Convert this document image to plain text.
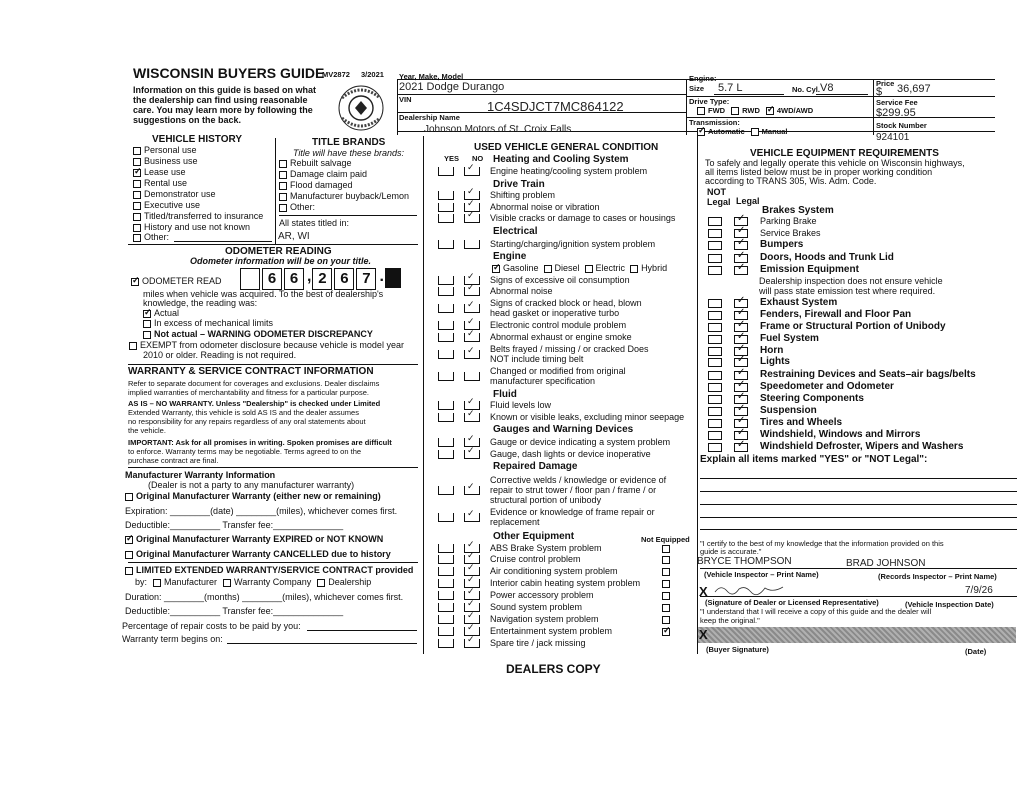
WISCONSIN BUYERS GUIDE
MV2872 3/2021
Information on this guide is based on what
the dealership can find using reasonable
care. You may learn more by following the
suggestions on the back.
Year, Make, Model
2021 Dodge Durango
VIN	1C4SDJCT7MC864122
Dealership Name
Johnson Motors of St. Croix Falls
Engine:
Size 5.7 L	No. Cyl. V8
Drive Type:
FWD RWD
✓ 4WD/AWD
Transmission:
✓
Automatic Manual
Price
$ 36,697
Service Fee
$299.95
Stock Number
924101
VEHICLE HISTORY
Personal use
Business use
✓
Lease use
Rental use
Demonstrator use
Executive use
Titled/transferred to insurance
History and use not known
Other:
TITLE BRANDS
Title will have these brands:
Rebuilt salvage
Damage claim paid
Flood damaged
Manufacturer buyback/Lemon
Other:
All states titled in:
AR, WI
ODOMETER READING
Odometer information will be on your title.
✓
ODOMETER READ	6 6 , 2 6 7 .
miles when vehicle was acquired. To the best of dealership's
knowledge, the reading was:
✓
Actual
In excess of mechanical limits
Not actual – WARNING ODOMETER DISCREPANCY
EXEMPT from odometer disclosure because vehicle is model year
2010 or older. Reading is not required.
WARRANTY & SERVICE CONTRACT INFORMATION
Refer to separate document for coverages and exclusions. Dealer disclaims
implied warranties of merchantability and fitness for a particular purpose.
AS IS – NO WARRANTY. Unless "Dealership" is checked under Limited
Extended Warranty, this vehicle is sold AS IS and the dealer assumes
no responsibility for any repairs regardless of any oral statements about
the vehicle.
IMPORTANT: Ask for all promises in writing. Spoken promises are difficult
to enforce. Warranty terms may be negotiable. Terms agreed to on the
purchase contract are final.
Manufacturer Warranty Information
(Dealer is not a party to any manufacturer warranty)
Original Manufacturer Warranty (either new or remaining)
Expiration: ________(date) ________(miles), whichever comes first.
Deductible:__________ Transfer fee:______________
✓
Original Manufacturer Warranty EXPIRED or NOT KNOWN
Original Manufacturer Warranty CANCELLED due to history
LIMITED EXTENDED WARRANTY/SERVICE CONTRACT provided
by: Manufacturer Warranty Company Dealership
Duration: ________(months) ________(miles), whichever comes first.
Deductible:__________ Transfer fee:______________
Percentage of repair costs to be paid by you:
Warranty term begins on:
USED VEHICLE GENERAL CONDITION
YES NO Heating and Cooling System
✓
Engine heating/cooling system problem
Drive Train
✓
Shifting problem
✓
Abnormal noise or vibration
✓
Visible cracks or damage to cases or housings
Electrical
Starting/charging/ignition system problem
Engine
✓
Signs of excessive oil consumption
✓
Abnormal noise
✓
Signs of cracked block or head, blown head gasket or inoperative turbo
✓
Electronic control module problem
✓
Abnormal exhaust or engine smoke
✓
Belts frayed / missing / or cracked Does NOT include timing belt
Changed or modified from original manufacturer specification
Fluid
✓
Fluid levels low
✓
Known or visible leaks, excluding minor seepage
Gauges and Warning Devices
✓
Gauge or device indicating a system problem
✓
Gauge, dash lights or device inoperative
Repaired Damage
✓
Corrective welds / knowledge or evidence of repair to strut tower / floor pan / frame / or structural portion of unibody
✓
Evidence or knowledge of frame repair or replacement
Other Equipment
✓
ABS Brake System problem
✓
Cruise control problem
✓
Air conditioning system problem
✓
Interior cabin heating system problem
✓
Power accessory problem
✓
Sound system problem
✓
Navigation system problem
✓
Entertainment system problem
✓
✓
Spare tire / jack missing
✓
Gasoline Diesel Electric Hybrid
Not Equipped
VEHICLE EQUIPMENT REQUIREMENTS
To safely and legally operate this vehicle on Wisconsin highways,
all items listed below must be in proper working condition
according to TRANS 305, Wis. Adm. Code.
NOT
Legal Legal
Brakes System
✓
Parking Brake
✓
Service Brakes
✓
Bumpers
✓
Doors, Hoods and Trunk Lid
✓
Emission Equipment
✓
Exhaust System
✓
Fenders, Firewall and Floor Pan
✓
Frame or Structural Portion of Unibody
✓
Fuel System
✓
Horn
✓
Lights
✓
Restraining Devices and Seats–air bags/belts
✓
Speedometer and Odometer
✓
Steering Components
✓
Suspension
✓
Tires and Wheels
✓
Windshield, Windows and Mirrors
✓
Windshield Defroster, Wipers and Washers
Dealership inspection does not ensure vehicle
will pass state emission test where required.
Explain all items marked "YES" or "NOT Legal":
"I certify to the best of my knowledge that the information provided on this
guide is accurate."
BRYCE THOMPSON	BRAD JOHNSON
(Vehicle Inspector – Print Name)	(Records Inspector – Print Name)
X	7/9/26
(Signature of Dealer or Licensed Representative)	(Vehicle Inspection Date)
"I understand that I will receive a copy of this guide and the dealer will
keep the original."
X
(Buyer Signature)	(Date)
DEALERS COPY
